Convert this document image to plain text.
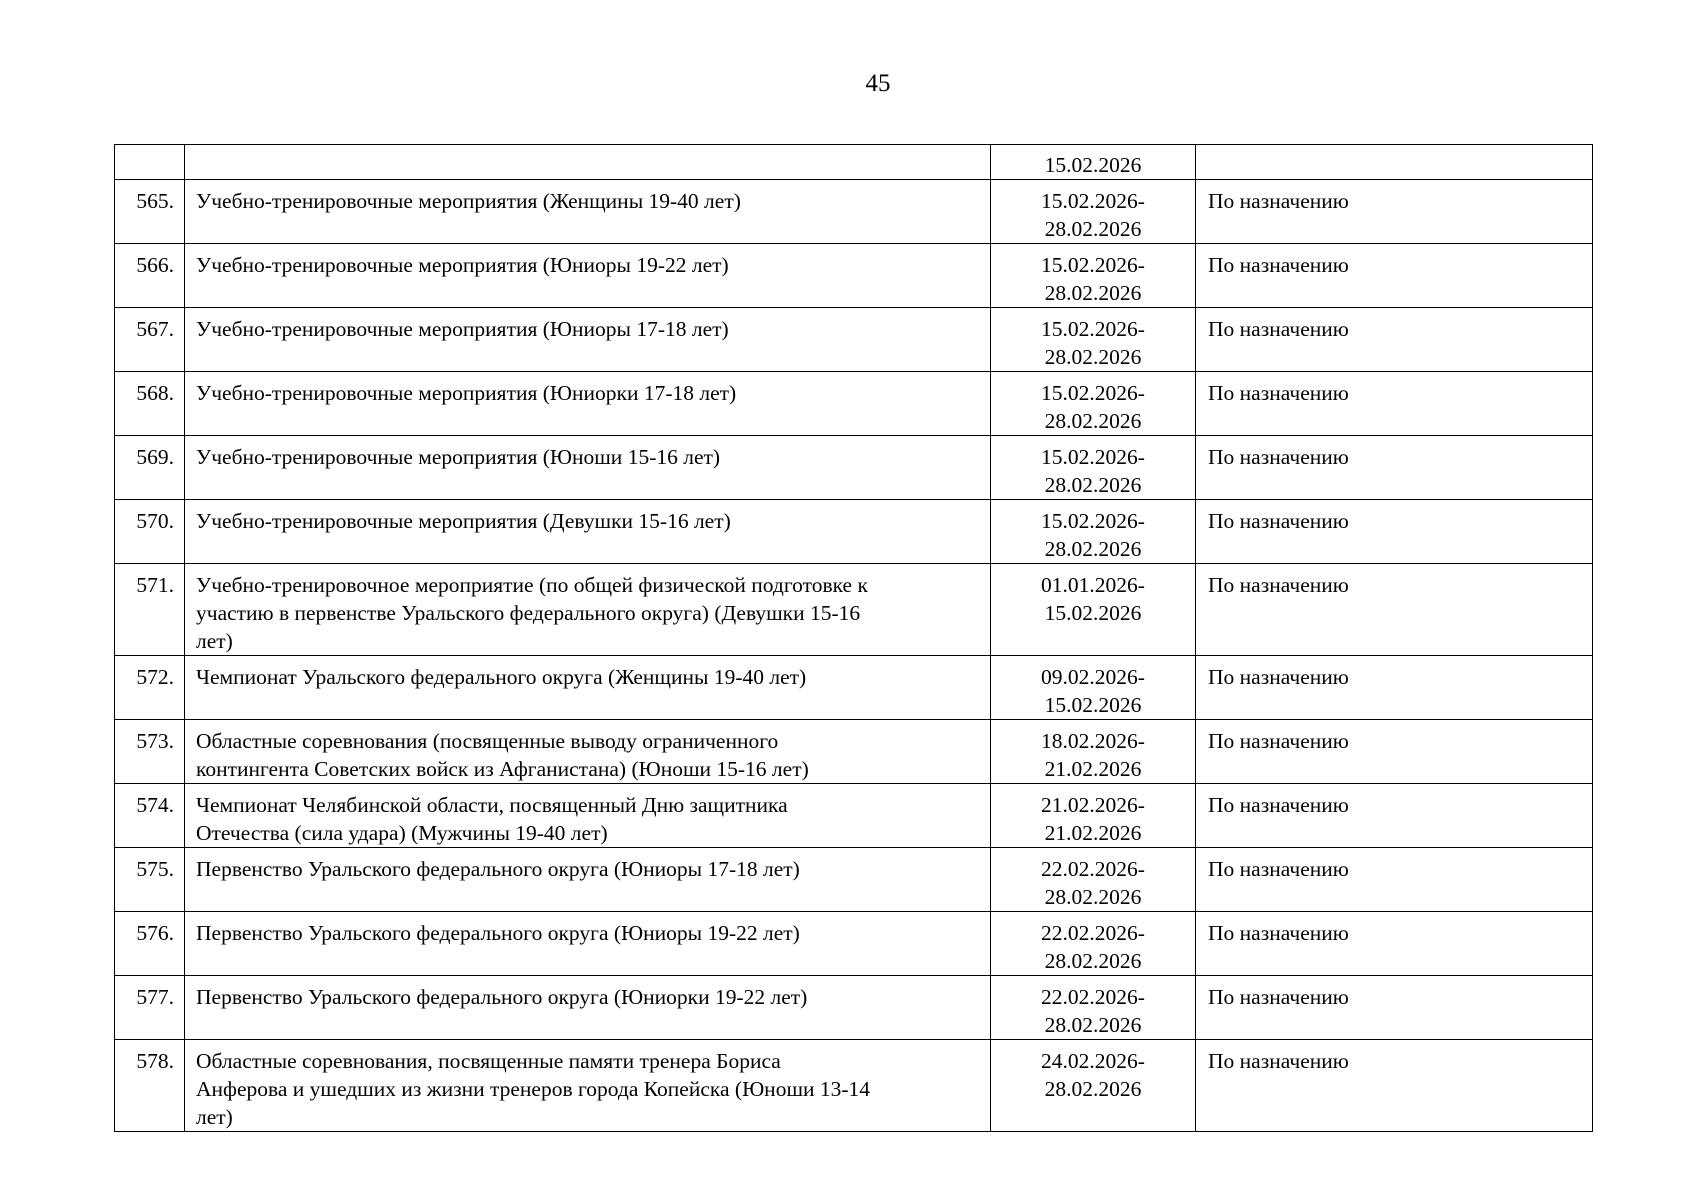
45

		15.02.2026	

565.	Учебно-тренировочные мероприятия (Женщины 19-40 лет)	15.02.2026-
28.02.2026	По назначению

566.	Учебно-тренировочные мероприятия (Юниоры 19-22 лет)	15.02.2026-
28.02.2026	По назначению

567.	Учебно-тренировочные мероприятия (Юниоры 17-18 лет)	15.02.2026-
28.02.2026	По назначению

568.	Учебно-тренировочные мероприятия (Юниорки 17-18 лет)	15.02.2026-
28.02.2026	По назначению

569.	Учебно-тренировочные мероприятия (Юноши 15-16 лет)	15.02.2026-
28.02.2026	По назначению

570.	Учебно-тренировочные мероприятия (Девушки 15-16 лет)	15.02.2026-
28.02.2026	По назначению

571.	Учебно-тренировочное мероприятие (по общей физической подготовке к
участию в первенстве Уральского федерального округа) (Девушки 15-16
лет)	01.01.2026-
15.02.2026	По назначению

572.	Чемпионат Уральского федерального округа (Женщины 19-40 лет)	09.02.2026-
15.02.2026	По назначению

573.	Областные соревнования (посвященные выводу ограниченного
контингента Советских войск из Афганистана) (Юноши 15-16 лет)	18.02.2026-
21.02.2026	По назначению

574.	Чемпионат Челябинской области, посвященный Дню защитника
Отечества (сила удара) (Мужчины 19-40 лет)	21.02.2026-
21.02.2026	По назначению

575.	Первенство Уральского федерального округа (Юниоры 17-18 лет)	22.02.2026-
28.02.2026	По назначению

576.	Первенство Уральского федерального округа (Юниоры 19-22 лет)	22.02.2026-
28.02.2026	По назначению

577.	Первенство Уральского федерального округа (Юниорки 19-22 лет)	22.02.2026-
28.02.2026	По назначению

578.	Областные соревнования, посвященные памяти тренера Бориса
Анферова и ушедших из жизни тренеров города Копейска (Юноши 13-14
лет)	24.02.2026-
28.02.2026	По назначению
